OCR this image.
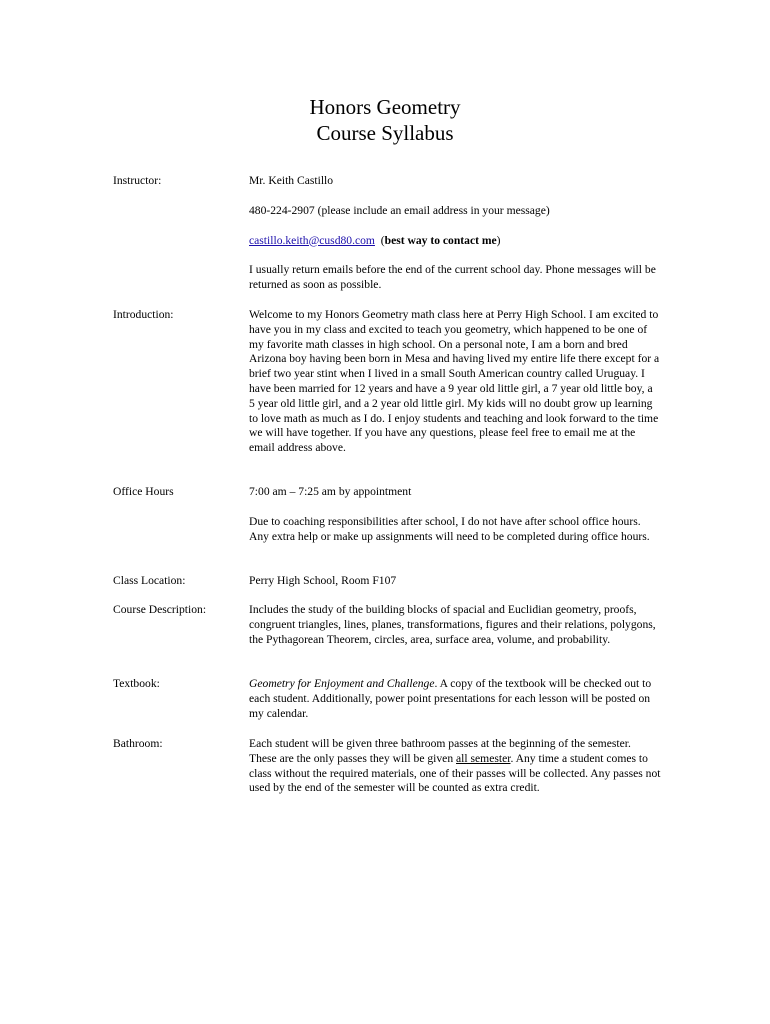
Honors Geometry
Course Syllabus
Instructor:	Mr. Keith Castillo

480-224-2907 (please include an email address in your message)

castillo.keith@cusd80.com  (best way to contact me)

I usually return emails before the end of the current school day. Phone messages will be returned as soon as possible.

Introduction:	Welcome to my Honors Geometry math class here at Perry High School. I am excited to have you in my class and excited to teach you geometry, which happened to be one of my favorite math classes in high school. On a personal note, I am a born and bred Arizona boy having been born in Mesa and having lived my entire life there except for a brief two year stint when I lived in a small South American country called Uruguay. I have been married for 12 years and have a 9 year old little girl, a 7 year old little boy, a 5 year old little girl, and a 2 year old little girl. My kids will no doubt grow up learning to love math as much as I do. I enjoy students and teaching and look forward to the time we will have together. If you have any questions, please feel free to email me at the email address above.

Office Hours	7:00 am – 7:25 am by appointment

Due to coaching responsibilities after school, I do not have after school office hours. Any extra help or make up assignments will need to be completed during office hours.

Class Location:	Perry High School, Room F107

Course Description:	Includes the study of the building blocks of spacial and Euclidian geometry, proofs, congruent triangles, lines, planes, transformations, figures and their relations, polygons, the Pythagorean Theorem, circles, area, surface area, volume, and probability.

Textbook:	Geometry for Enjoyment and Challenge. A copy of the textbook will be checked out to each student. Additionally, power point presentations for each lesson will be posted on my calendar.

Bathroom:	Each student will be given three bathroom passes at the beginning of the semester. These are the only passes they will be given all semester. Any time a student comes to class without the required materials, one of their passes will be collected. Any passes not used by the end of the semester will be counted as extra credit.
